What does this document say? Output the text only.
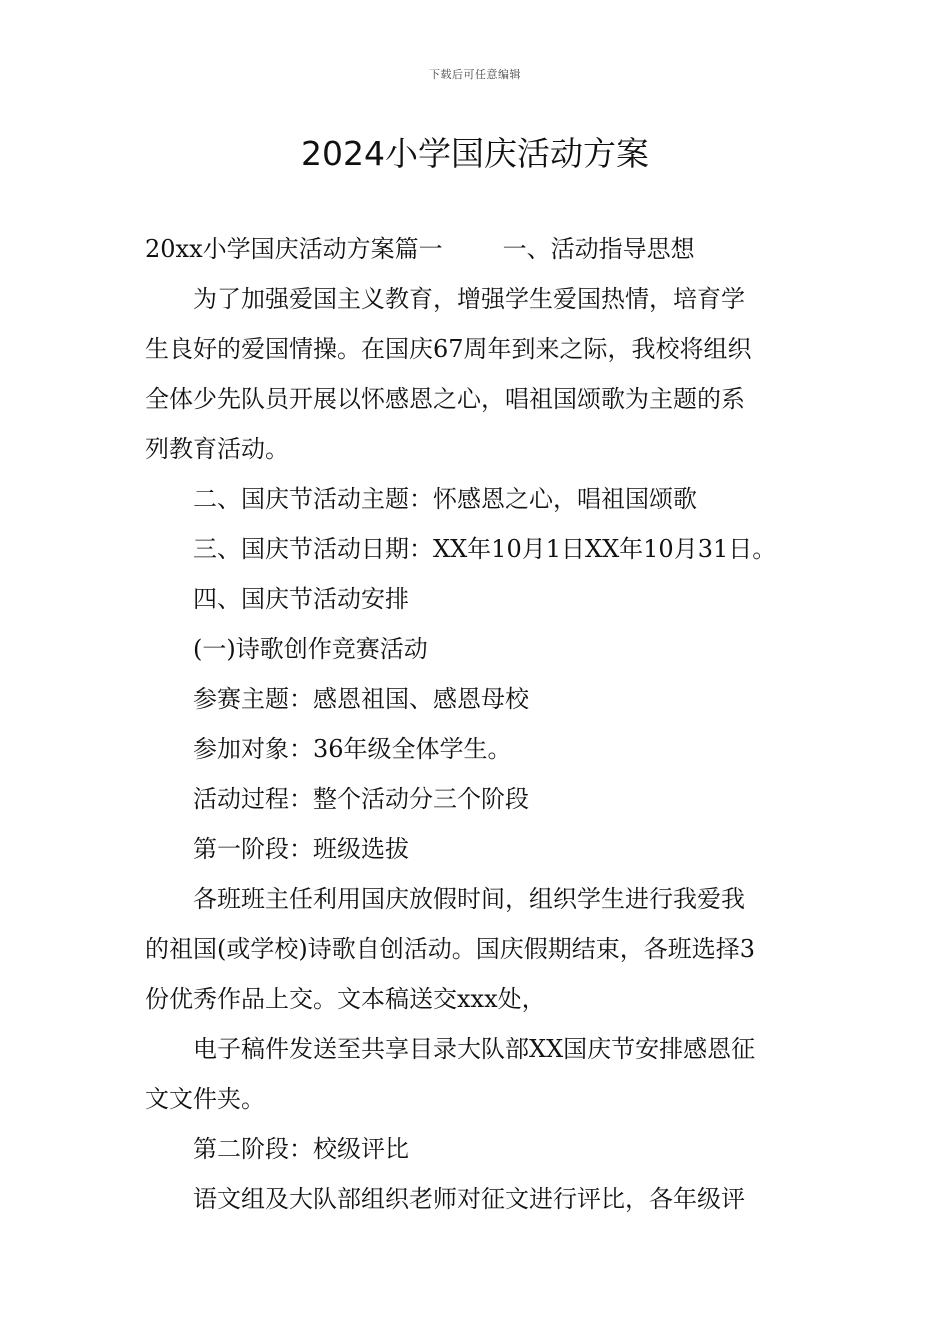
下载后可任意编辑
2024小学国庆活动方案

20xx小学国庆活动方案篇一	一、活动指导思想

　　为了加强爱国主义教育，增强学生爱国热情，培育学

生良好的爱国情操。在国庆67周年到来之际，我校将组织

全体少先队员开展以怀感恩之心，唱祖国颂歌为主题的系

列教育活动。

　　二、国庆节活动主题：怀感恩之心，唱祖国颂歌

　　三、国庆节活动日期：XX年10月1日XX年10月31日。

　　四、国庆节活动安排

　　(一)诗歌创作竞赛活动

　　参赛主题：感恩祖国、感恩母校

　　参加对象：36年级全体学生。

　　活动过程：整个活动分三个阶段

　　第一阶段：班级选拔

　　各班班主任利用国庆放假时间，组织学生进行我爱我

的祖国(或学校)诗歌自创活动。国庆假期结束，各班选择3

份优秀作品上交。文本稿送交xxx处，

　　电子稿件发送至共享目录大队部XX国庆节安排感恩征

文文件夹。

　　第二阶段：校级评比

　　语文组及大队部组织老师对征文进行评比，各年级评
